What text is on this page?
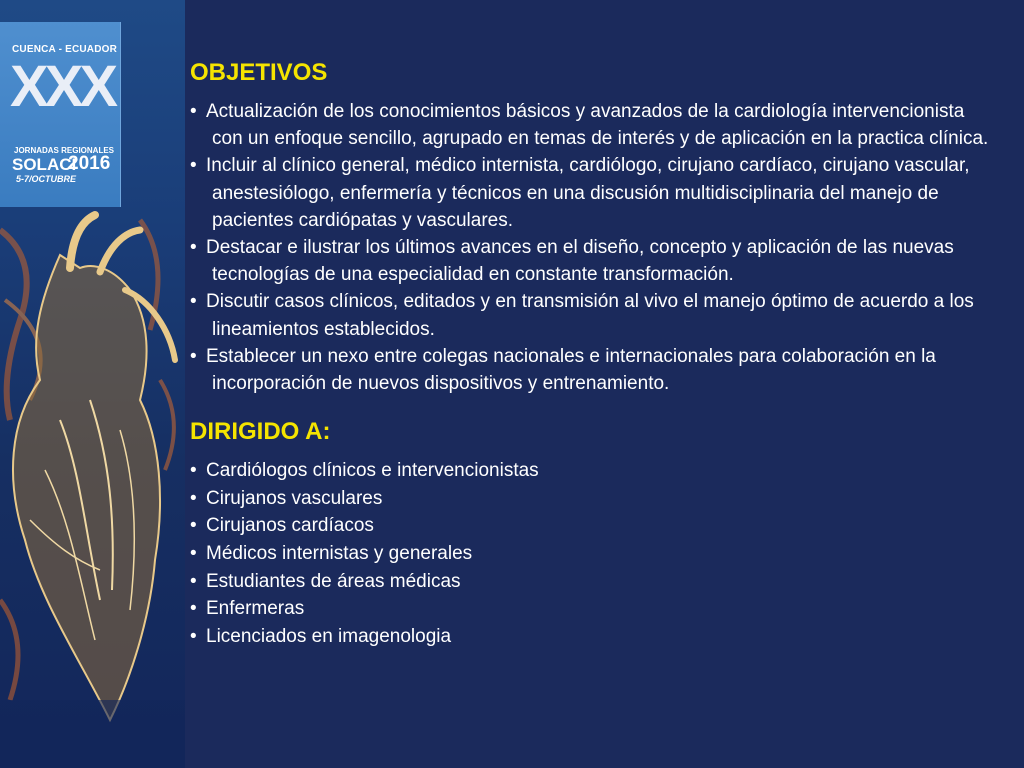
CUENCA - ECUADOR
XXX
JORNADAS REGIONALES
SOLACI
2016
5-7/OCTUBRE
OBJETIVOS
• Actualización de los conocimientos básicos y avanzados de la cardiología intervencionista con un enfoque sencillo, agrupado en temas de interés y de aplicación en la practica clínica.
• Incluir al clínico general, médico internista, cardiólogo, cirujano cardíaco, cirujano vascular, anestesiólogo, enfermería y técnicos en una discusión multidisciplinaria del manejo de pacientes cardiópatas y vasculares.
• Destacar e ilustrar los últimos avances en el diseño, concepto y aplicación de las nuevas tecnologías de una especialidad en constante transformación.
• Discutir casos clínicos, editados y en transmisión al vivo el manejo óptimo de acuerdo a los lineamientos establecidos.
• Establecer un nexo entre colegas nacionales e internacionales para colaboración en la incorporación de nuevos dispositivos y entrenamiento.
DIRIGIDO A:
• Cardiólogos clínicos e intervencionistas
• Cirujanos vasculares
• Cirujanos cardíacos
• Médicos internistas y generales
• Estudiantes de áreas médicas
• Enfermeras
• Licenciados en imagenologia
